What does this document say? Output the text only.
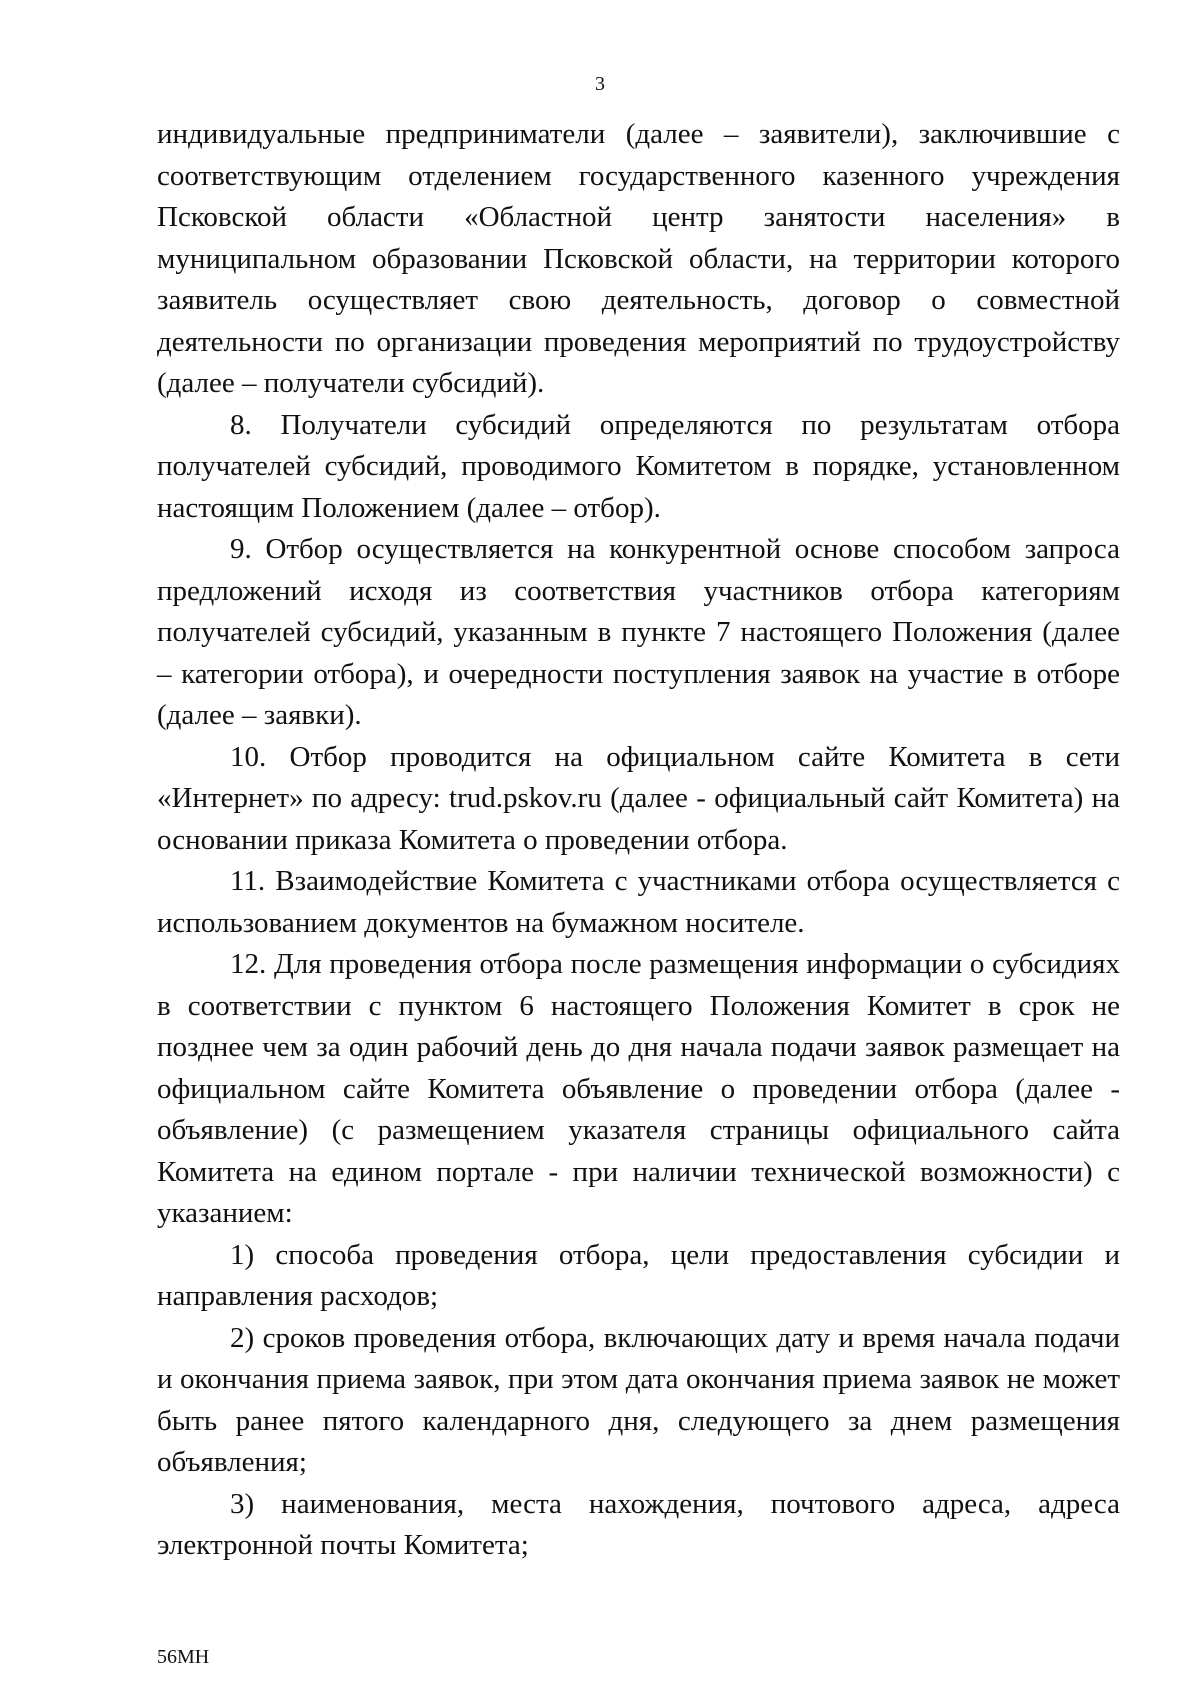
3

индивидуальные предприниматели (далее – заявители), заключившие с соответствующим отделением государственного казенного учреждения Псковской области «Областной центр занятости населения» в муниципальном образовании Псковской области, на территории которого заявитель осуществляет свою деятельность, договор о совместной деятельности по организации проведения мероприятий по трудоустройству (далее – получатели субсидий).

8. Получатели субсидий определяются по результатам отбора получателей субсидий, проводимого Комитетом в порядке, установленном настоящим Положением (далее – отбор).

9. Отбор осуществляется на конкурентной основе способом запроса предложений исходя из соответствия участников отбора категориям получателей субсидий, указанным в пункте 7 настоящего Положения (далее – категории отбора), и очередности поступления заявок на участие в отборе (далее – заявки).

10. Отбор проводится на официальном сайте Комитета в сети «Интернет» по адресу: trud.pskov.ru (далее - официальный сайт Комитета) на основании приказа Комитета о проведении отбора.

11. Взаимодействие Комитета с участниками отбора осуществляется с использованием документов на бумажном носителе.

12. Для проведения отбора после размещения информации о субсидиях в соответствии с пунктом 6 настоящего Положения Комитет в срок не позднее чем за один рабочий день до дня начала подачи заявок размещает на официальном сайте Комитета объявление о проведении отбора (далее - объявление) (с размещением указателя страницы официального сайта Комитета на едином портале - при наличии технической возможности) с указанием:

1) способа проведения отбора, цели предоставления субсидии и направления расходов;

2) сроков проведения отбора, включающих дату и время начала подачи и окончания приема заявок, при этом дата окончания приема заявок не может быть ранее пятого календарного дня, следующего за днем размещения объявления;

3) наименования, места нахождения, почтового адреса, адреса электронной почты Комитета;

56МН
